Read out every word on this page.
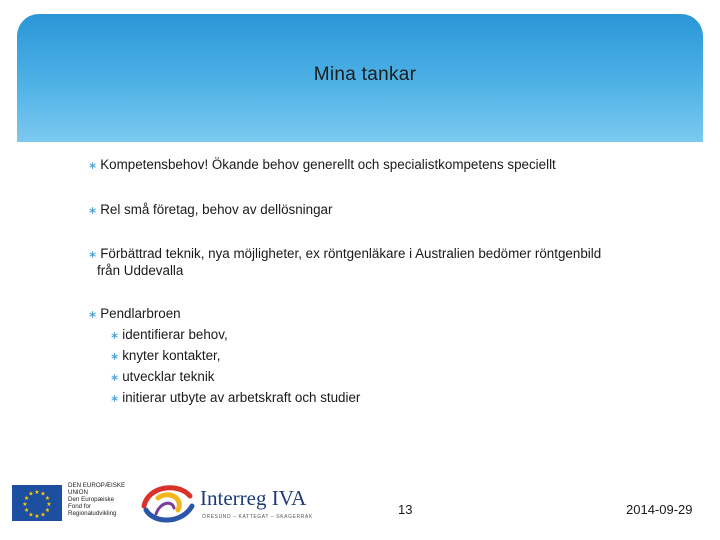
Mina tankar
∗ Kompetensbehov! Ökande behov generellt och specialistkompetens speciellt
∗ Rel små företag, behov av dellösningar
∗ Förbättrad teknik, nya möjligheter, ex röntgenläkare i Australien bedömer röntgenbild
från Uddevalla
∗ Pendlarbroen
∗ identifierar behov,
∗ knyter kontakter,
∗ utvecklar teknik
∗ initierar utbyte av arbetskraft och studier
★ ★
★
★
★
★
★
★
★
★
★
★
DEN EUROPÆISKE UNION
Den Europæiske Fond for Regionaludvikling
Interreg IVA
ÖRESUND – KATTEGAT – SKAGERRAK	13	2014-09-29
